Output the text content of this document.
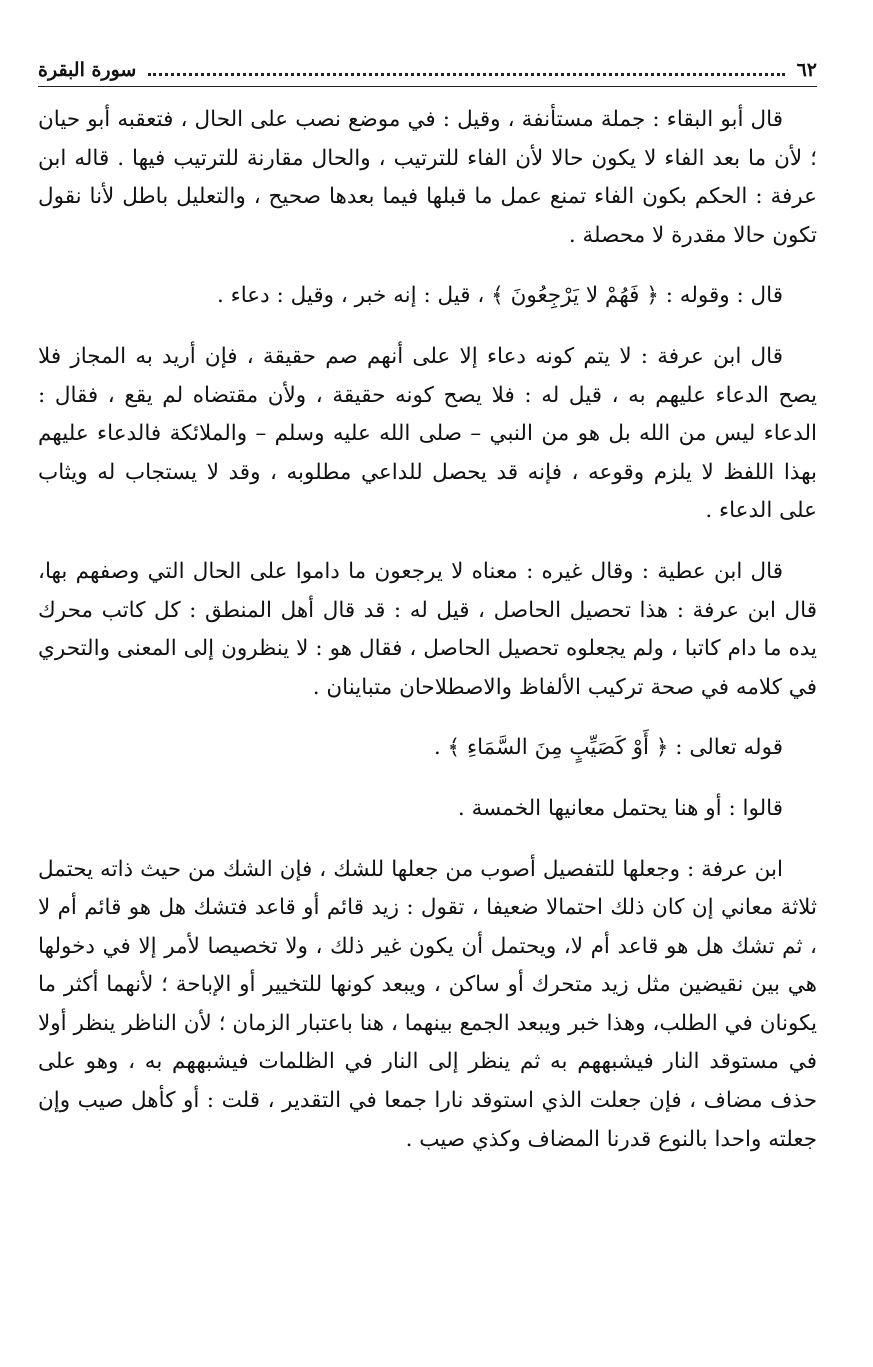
٦٢
سورة البقرة

قال أبو البقاء : جملة مستأنفة ، وقيل : في موضع نصب على الحال ، فتعقبه أبو حيان ؛ لأن ما بعد الفاء لا يكون حالا لأن الفاء للترتيب ، والحال مقارنة للترتيب فيها . قاله ابن عرفة : الحكم بكون الفاء تمنع عمل ما قبلها فيما بعدها صحيح ، والتعليل باطل لأنا نقول تكون حالا مقدرة لا محصلة .

قال : وقوله : ﴿ فَهُمْ لا يَرْجِعُونَ ﴾ ، قيل : إنه خبر ، وقيل : دعاء .

قال ابن عرفة : لا يتم كونه دعاء إلا على أنهم صم حقيقة ، فإن أريد به المجاز فلا يصح الدعاء عليهم به ، قيل له : فلا يصح كونه حقيقة ، ولأن مقتضاه لم يقع ، فقال : الدعاء ليس من الله بل هو من النبي – صلى الله عليه وسلم – والملائكة فالدعاء عليهم بهذا اللفظ لا يلزم وقوعه ، فإنه قد يحصل للداعي مطلوبه ، وقد لا يستجاب له ويثاب على الدعاء .

قال ابن عطية : وقال غيره : معناه لا يرجعون ما داموا على الحال التي وصفهم بها، قال ابن عرفة : هذا تحصيل الحاصل ، قيل له : قد قال أهل المنطق : كل كاتب محرك يده ما دام كاتبا ، ولم يجعلوه تحصيل الحاصل ، فقال هو : لا ينظرون إلى المعنى والتحري في كلامه في صحة تركيب الألفاظ والاصطلاحان متباينان .

قوله تعالى : ﴿ أَوْ كَصَيِّبٍ مِنَ السَّمَاءِ ﴾ .

قالوا : أو هنا يحتمل معانيها الخمسة .

ابن عرفة : وجعلها للتفصيل أصوب من جعلها للشك ، فإن الشك من حيث ذاته يحتمل ثلاثة معاني إن كان ذلك احتمالا ضعيفا ، تقول : زيد قائم أو قاعد فتشك هل هو قائم أم لا ، ثم تشك هل هو قاعد أم لا، ويحتمل أن يكون غير ذلك ، ولا تخصيصا لأمر إلا في دخولها هي بين نقيضين مثل زيد متحرك أو ساكن ، ويبعد كونها للتخيير أو الإباحة ؛ لأنهما أكثر ما يكونان في الطلب، وهذا خبر ويبعد الجمع بينهما ، هنا باعتبار الزمان ؛ لأن الناظر ينظر أولا في مستوقد النار فيشبههم به ثم ينظر إلى النار في الظلمات فيشبههم به ، وهو على حذف مضاف ، فإن جعلت الذي استوقد نارا جمعا في التقدير ، قلت : أو كأهل صيب وإن جعلته واحدا بالنوع قدرنا المضاف وكذي صيب .
